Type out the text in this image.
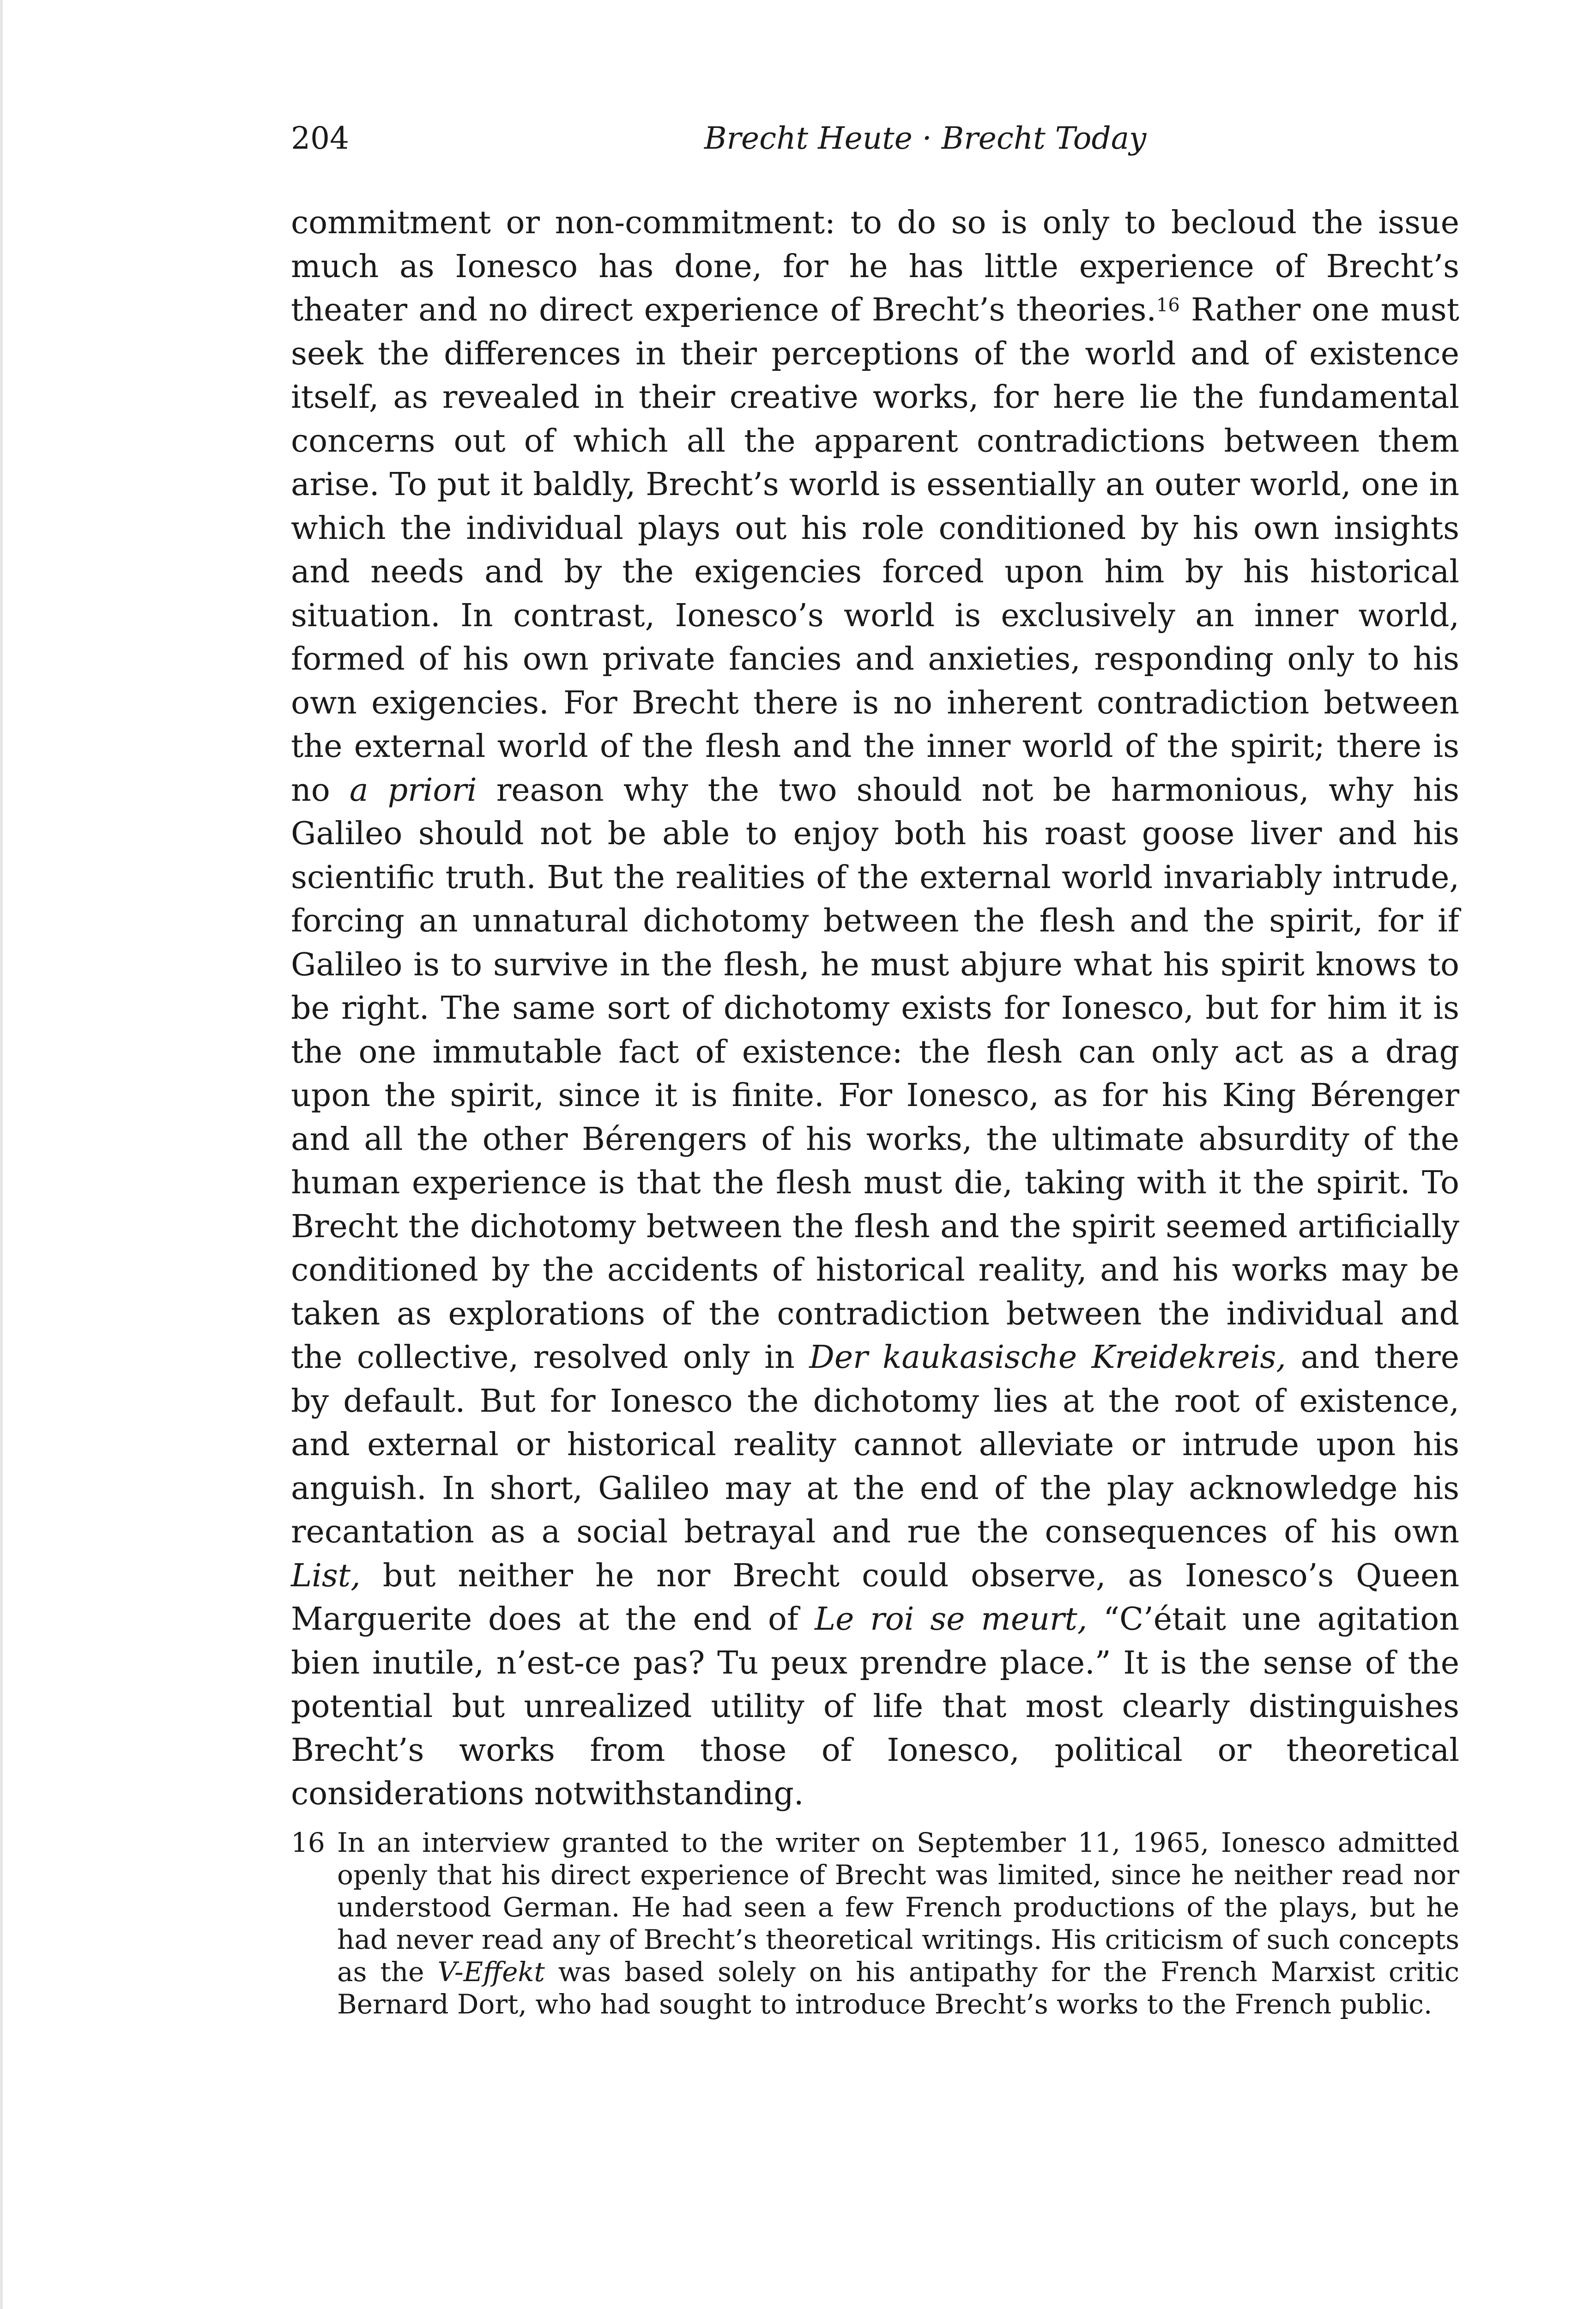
204	Brecht Heute · Brecht Today

commitment or non-commitment: to do so is only to becloud the issue much as Ionesco has done, for he has little experience of Brecht’s theater and no direct experience of Brecht’s theories.$^{16}$ Rather one must seek the differences in their perceptions of the world and of existence itself, as revealed in their creative works, for here lie the fundamental concerns out of which all the apparent contradictions between them arise. To put it baldly, Brecht’s world is essentially an outer world, one in which the individual plays out his role conditioned by his own insights and needs and by the exigencies forced upon him by his historical situation. In contrast, Ionesco’s world is exclusively an inner world, formed of his own private fancies and anxieties, responding only to his own exigencies. For Brecht there is no inherent contradiction between the external world of the flesh and the inner world of the spirit; there is no a priori reason why the two should not be harmonious, why his Galileo should not be able to enjoy both his roast goose liver and his scientific truth. But the realities of the external world invariably intrude, forcing an unnatural dichotomy between the flesh and the spirit, for if Galileo is to survive in the flesh, he must abjure what his spirit knows to be right. The same sort of dichotomy exists for Ionesco, but for him it is the one immutable fact of existence: the flesh can only act as a drag upon the spirit, since it is finite. For Ionesco, as for his King Bérenger and all the other Bérengers of his works, the ultimate absurdity of the human experience is that the flesh must die, taking with it the spirit. To Brecht the dichotomy between the flesh and the spirit seemed artificially conditioned by the accidents of historical reality, and his works may be taken as explorations of the contradiction between the individual and the collective, resolved only in Der kaukasische Kreidekreis, and there by default. But for Ionesco the dichotomy lies at the root of existence, and external or historical reality cannot alleviate or intrude upon his anguish. In short, Galileo may at the end of the play acknowledge his recantation as a social betrayal and rue the consequences of his own List, but neither he nor Brecht could observe, as Ionesco’s Queen Marguerite does at the end of Le roi se meurt, “C’était une agitation bien inutile, n’est-ce pas? Tu peux prendre place.” It is the sense of the potential but unrealized utility of life that most clearly distinguishes Brecht’s works from those of Ionesco, political or theoretical considerations notwithstanding.

16 In an interview granted to the writer on September 11, 1965, Ionesco admitted openly that his direct experience of Brecht was limited, since he neither read nor understood German. He had seen a few French productions of the plays, but he had never read any of Brecht’s theoretical writings. His criticism of such concepts as the V-Effekt was based solely on his antipathy for the French Marxist critic Bernard Dort, who had sought to introduce Brecht’s works to the French public.
